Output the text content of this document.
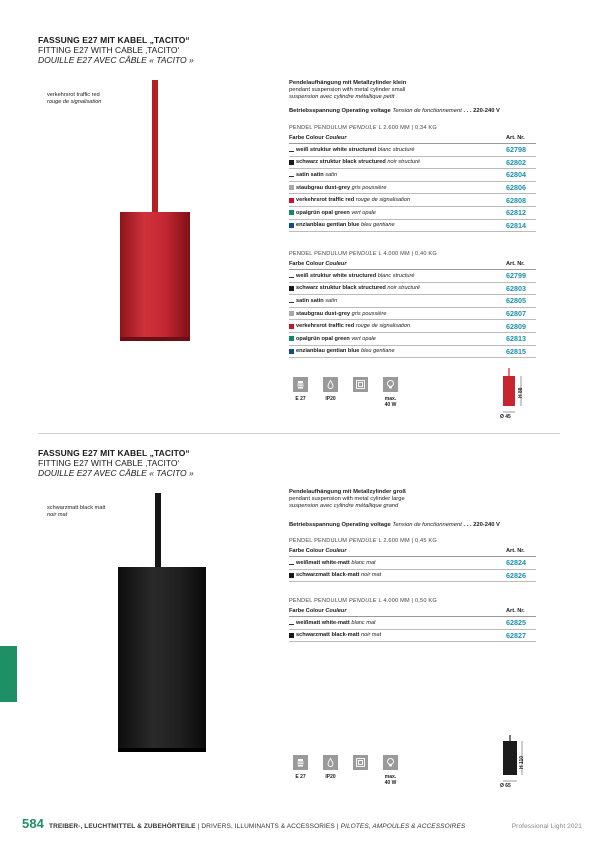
FASSUNG E27 MIT KABEL „TACITO“
FITTING E27 WITH CABLE ‚TACITO‘
DOUILLE E27 AVEC CÂBLE « TACITO »
verkehrsrot traffic red
rouge de signalisation
Pendelaufhängung mit Metallzylinder klein
pendant suspension with metal cylinder small
suspension avec cylindre métallique petit
Betriebsspannung Operating voltage Tension de fonctionnement . . . 220-240 V
PENDEL PENDULUM PENDULE L 2.600 MM | 0,34 KG
Farbe Colour Couleur	Art. Nr.
weiß struktur white structured blanc structuré	62798
schwarz struktur black structured noir structuré	62802
satin satin satin	62804
staubgrau dust-grey gris poussière	62806
verkehrsrot traffic red rouge de signalisation	62808
opalgrün opal green vert opale	62812
enzianblau gentian blue bleu gentiane	62814
PENDEL PENDULUM PENDULE L 4.000 MM | 0,40 KG
Farbe Colour Couleur	Art. Nr.
weiß struktur white structured blanc structuré	62799
schwarz struktur black structured noir structuré	62803
satin satin satin	62805
staubgrau dust-grey gris poussière	62807
verkehrsrot traffic red rouge de signalisation	62809
opalgrün opal green vert opale	62813
enzianblau gentian blue bleu gentiane	62815
E 27	IP20	max.
40 W
H 88
Ø 45
FASSUNG E27 MIT KABEL „TACITO“
FITTING E27 WITH CABLE ‚TACITO‘
DOUILLE E27 AVEC CÂBLE « TACITO »
schwarzmatt black matt
noir mat
Pendelaufhängung mit Metallzylinder groß
pendant suspension with metal cylinder large
suspension avec cylindre métallique grand
Betriebsspannung Operating voltage Tension de fonctionnement . . . 220-240 V
PENDEL PENDULUM PENDULE L 2.600 MM | 0,45 KG
Farbe Colour Couleur	Art. Nr.
weißmatt white-matt blanc mat	62824
schwarzmatt black-matt noir mat	62826
PENDEL PENDULUM PENDULE L 4.000 MM | 0,50 KG
Farbe Colour Couleur	Art. Nr.
weißmatt white-matt blanc mat	62825
schwarzmatt black-matt noir mat	62827
E 27	IP20	max.
40 W
H 110
Ø 65
584 TREIBER-, LEUCHTMITTEL & ZUBEHÖRTEILE | DRIVERS, ILLUMINANTS & ACCESSORIES | PILOTES, AMPOULES & ACCESSOIRES	Professional Light 2021
